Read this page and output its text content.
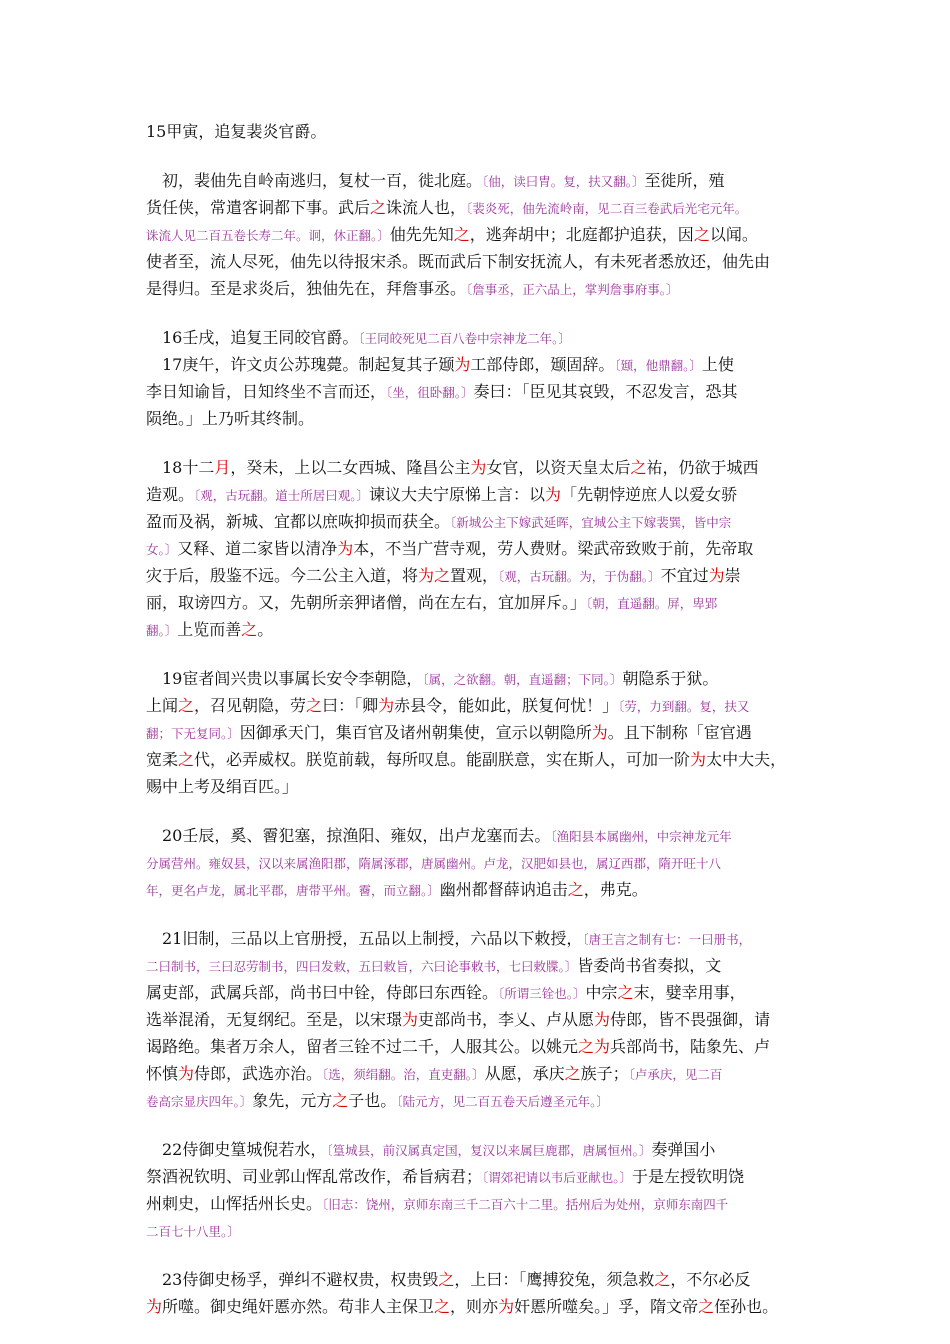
15甲寅，追复裴炎官爵。
　初，裴伷先自岭南逃归，复杖一百，徙北庭。〔伷，读曰胄。复，扶又翻。〕至徙所，殖
货任侠，常遣客诇都下事。武后之诛流人也，〔裴炎死，伷先流岭南，见二百三卷武后光宅元年。
诛流人见二百五卷长寿二年。诇，休正翻。〕伷先先知之，逃奔胡中；北庭都护追获，因之以闻。
使者至，流人尽死，伷先以待报宋杀。既而武后下制安抚流人，有未死者悉放还，伷先由
是得归。至是求炎后，独伷先在，拜詹事丞。〔詹事丞，正六品上，掌判詹事府事。〕
　16壬戌，追复王同皎官爵。〔王同皎死见二百八卷中宗神龙二年。〕
　17庚午，许文贞公苏瑰薨。制起复其子颋为工部侍郎，颋固辞。〔颋，他鼎翻。〕上使
李日知谕旨，日知终坐不言而还，〔坐，徂卧翻。〕奏曰：「臣见其哀毁，不忍发言，恐其
陨绝。」上乃听其终制。
　18十二月，癸未，上以二女西城、隆昌公主为女官，以资天皇太后之祐，仍欲于城西
造观。〔观，古玩翻。道士所居曰观。〕谏议大夫宁原悌上言：以为「先朝悖逆庶人以爱女骄
盈而及祸，新城、宜都以庶咴抑损而获全。〔新城公主下嫁武延晖，宜城公主下嫁裴巽，皆中宗
女。〕又释、道二家皆以清净为本，不当广营寺观，劳人费财。梁武帝致败于前，先帝取
灾于后，殷鉴不远。今二公主入道，将为之置观，〔观，古玩翻。为，于伪翻。〕不宜过为崇
丽，取谤四方。又，先朝所亲狎诸僧，尚在左右，宜加屏斥。」〔朝，直遥翻。屏，卑郢
翻。〕上览而善之。
　19宦者闾兴贵以事属长安令李朝隐，〔属，之欲翻。朝，直遥翻；下同。〕朝隐系于狱。
上闻之，召见朝隐，劳之曰：「卿为赤县令，能如此，朕复何忧！」〔劳，力到翻。复，扶又
翻；下无复同。〕因御承天门，集百官及诸州朝集使，宣示以朝隐所为。且下制称「宦官遇
宽柔之代，必弄威权。朕览前载，每所叹息。能副朕意，实在斯人，可加一阶为太中大夫，
赐中上考及绢百匹。」
　20壬辰，奚、霫犯塞，掠渔阳、雍奴，出卢龙塞而去。〔渔阳县本属幽州，中宗神龙元年
分属营州。雍奴县，汉以来属渔阳郡，隋属涿郡，唐属幽州。卢龙，汉肥如县也，属辽西郡，隋开旺十八
年，更名卢龙，属北平郡，唐带平州。霫，而立翻。〕幽州都督薛讷追击之，弗克。
　21旧制，三品以上官册授，五品以上制授，六品以下敕授，〔唐王言之制有七：一曰册书，
二曰制书，三曰忍劳制书，四曰发敕，五曰敕旨，六曰论事敕书，七曰敕牒。〕皆委尚书省奏拟，文
属吏部，武属兵部，尚书曰中铨，侍郎曰东西铨。〔所谓三铨也。〕中宗之末，嬖幸用事，
选举混淆，无复纲纪。至是，以宋璟为吏部尚书，李乂、卢从愿为侍郎，皆不畏强御，请
谒路绝。集者万余人，留者三铨不过二千，人服其公。以姚元之为兵部尚书，陆象先、卢
怀慎为侍郎，武选亦治。〔选，须绢翻。治，直吏翻。〕从愿，承庆之族子；〔卢承庆，见二百
卷高宗显庆四年。〕象先，元方之子也。〔陆元方，见二百五卷天后遵圣元年。〕
　22侍御史篁城倪若水，〔篁城县，前汉属真定国，复汉以来属巨鹿郡，唐属恒州。〕奏弹国小
祭酒祝钦明、司业郭山恽乱常改作，希旨病君；〔谓郊祀请以韦后亚献也。〕于是左授钦明饶
州刺史，山恽括州长史。〔旧志：饶州，京师东南三千二百六十二里。括州后为处州，京师东南四千
二百七十八里。〕
　23侍御史杨孚，弹纠不避权贵，权贵毁之，上曰：「鹰搏狡兔，须急救之，不尔必反
为所噬。御史绳奸慝亦然。苟非人主保卫之，则亦为奸慝所噬矣。」孚，隋文帝之侄孙也。
